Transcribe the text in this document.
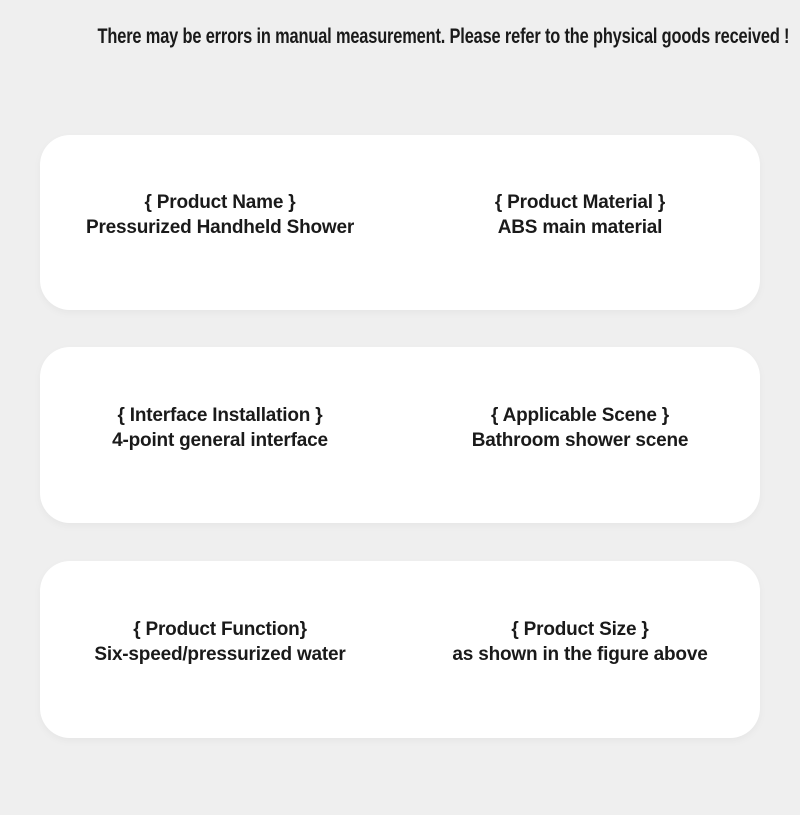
There may be errors in manual measurement. Please refer to the physical goods received !
{ Product Name }
Pressurized Handheld Shower
{ Product Material }
ABS main material
{ Interface Installation }
4-point general interface
{ Applicable Scene }
Bathroom shower scene
{ Product Function}
Six-speed/pressurized water
{ Product Size }
as shown in the figure above
